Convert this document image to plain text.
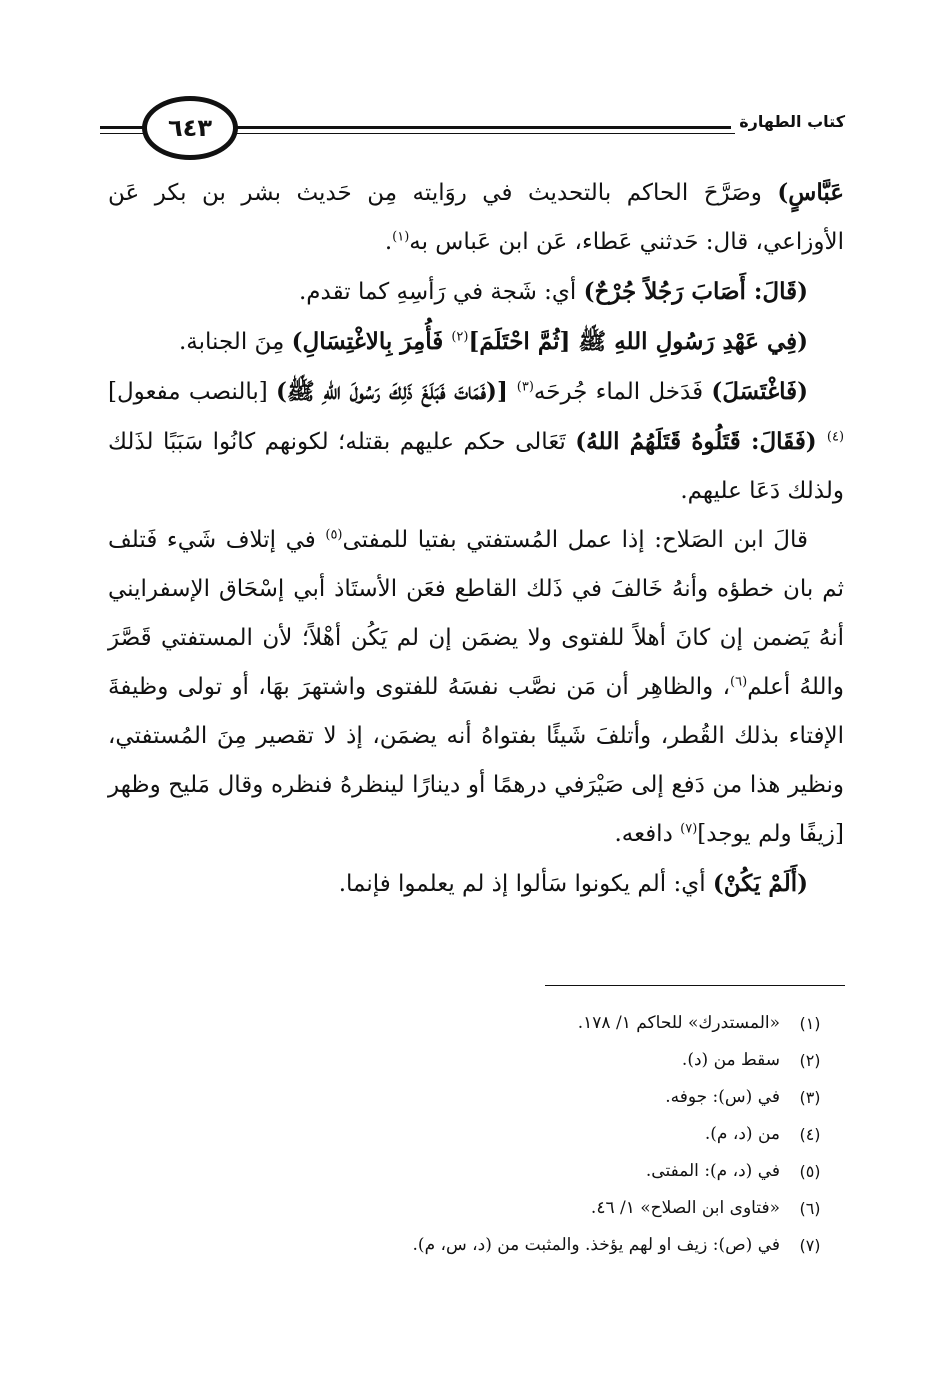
٦٤٣	كتاب الطهارة

عَبَّاسٍ) وصَرَّحَ الحاكم بالتحديث في روَايته مِن حَديث بشر بن بكر عَن الأوزاعي، قال: حَدثني عَطاء، عَن ابن عَباس به$^{(١)}$.

(قَالَ: أَصَابَ رَجُلاً جُرْحٌ) أي: شَجة في رَأسِهِ كما تقدم.

(فِي عَهْدِ رَسُولِ اللهِ ﷺ [ثُمَّ احْتَلَمَ]$^{(٢)}$ فَأُمِرَ بِالاغْتِسَالِ) مِنَ الجنابة.

(فَاغْتَسَلَ) فَدَخل الماء جُرحَه$^{(٣)}$ [(فَمَاتَ فَبَلَغَ ذَلِكَ رَسُولَ اللهِ ﷺ) [بالنصب مفعول]$^{(٤)}$ (فَقَالَ: قَتَلُوهُ قَتَلَهُمُ اللهُ) تَعَالى حكم عليهم بقتله؛ لكونهم كانُوا سَبَبًا لذَلك ولذلك دَعَا عليهم.

قالَ ابن الصَلاح: إذا عمل المُستفتي بفتيا للمفتى$^{(٥)}$ في إتلاف شَيء فَتلف ثم بان خطؤه وأنهُ خَالفَ في ذَلك القاطع فعَن الأستَاذ أبي إسْحَاق الإسفرايني أنهُ يَضمن إن كانَ أهلاً للفتوى ولا يضمَن إن لم يَكُن أهْلاً؛ لأن المستفتي قَصَّرَ واللهُ أعلم$^{(٦)}$، والظاهِر أن مَن نصَّب نفسَهُ للفتوى واشتهرَ بهَا، أو تولى وظيفةَ الإفتاء بذلك القُطر، وأتلفَ شَيئًا بفتواهُ أنه يضمَن، إذ لا تقصير مِنَ المُستفتي، ونظير هذا من دَفع إلى صَيْرَفي درهمًا أو دينارًا لينظرهُ فنظره وقال مَليح وظهر [زيفًا ولم يوجد]$^{(٧)}$ دافعه.

(أَلَمْ يَكُنْ) أي: ألم يكونوا سَألوا إذ لم يعلموا فإنما.

(١)
«المستدرك» للحاكم ١/ ١٧٨.
(٢)
سقط من (د).
(٣)
في (س): جوفه.
(٤)
من (د، م).
(٥)
في (د، م): المفتى.
(٦)
«فتاوى ابن الصلاح» ١/ ٤٦.
(٧)
في (ص): زيف او لهم يؤخذ. والمثبت من (د، س، م).
